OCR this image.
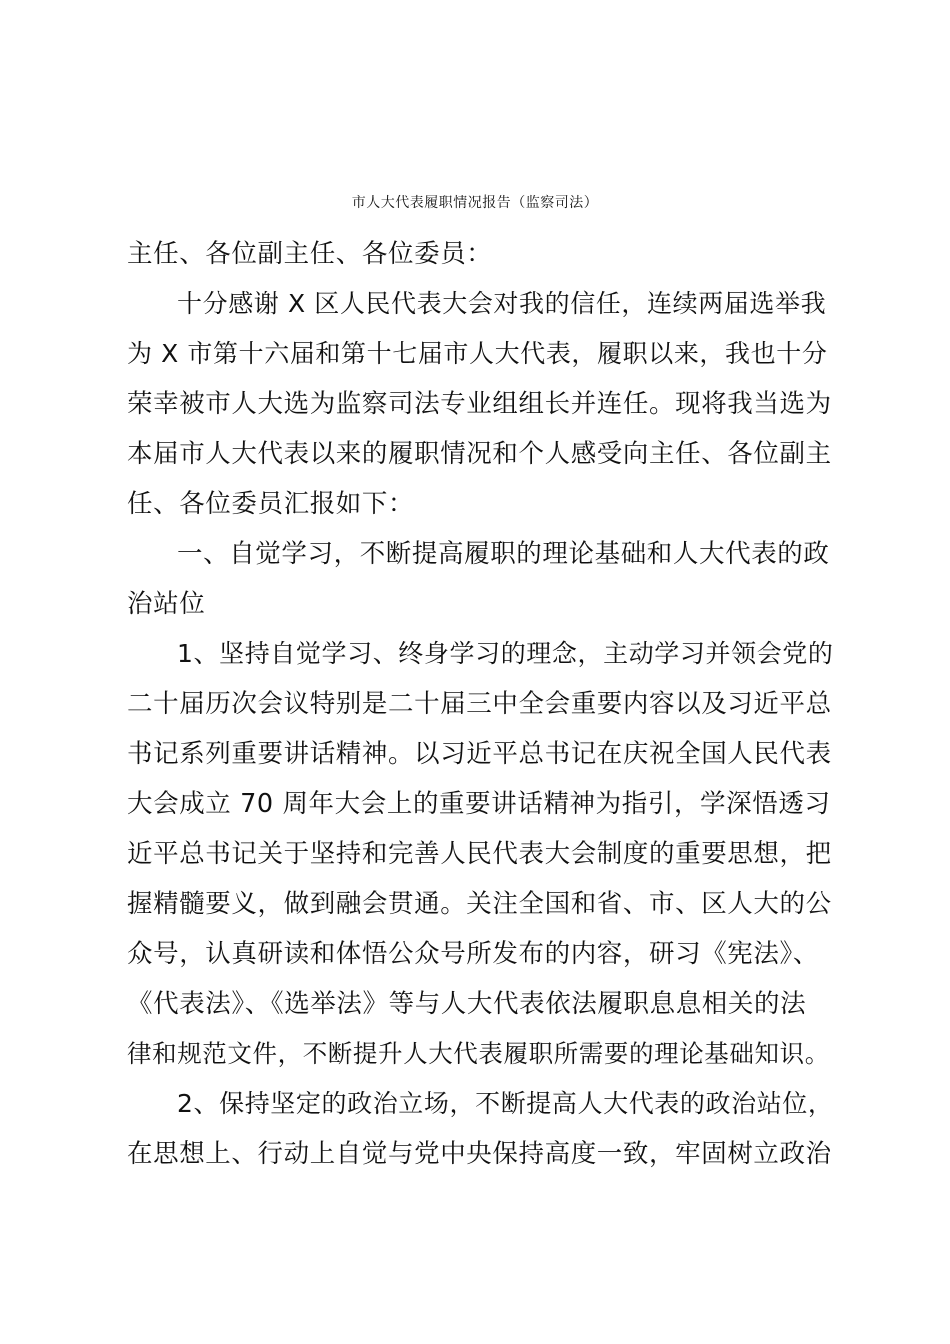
市人大代表履职情况报告（监察司法）
主任、各位副主任、各位委员：
十分感谢 X 区人民代表大会对我的信任，连续两届选举我
为 X 市第十六届和第十七届市人大代表，履职以来，我也十分
荣幸被市人大选为监察司法专业组组长并连任。现将我当选为
本届市人大代表以来的履职情况和个人感受向主任、各位副主
任、各位委员汇报如下：
一、自觉学习，不断提高履职的理论基础和人大代表的政
治站位
1、坚持自觉学习、终身学习的理念，主动学习并领会党的
二十届历次会议特别是二十届三中全会重要内容以及习近平总
书记系列重要讲话精神。以习近平总书记在庆祝全国人民代表
大会成立 70 周年大会上的重要讲话精神为指引，学深悟透习
近平总书记关于坚持和完善人民代表大会制度的重要思想，把
握精髓要义，做到融会贯通。关注全国和省、市、区人大的公
众号，认真研读和体悟公众号所发布的内容，研习《宪法》、
《代表法》、《选举法》等与人大代表依法履职息息相关的法
律和规范文件，不断提升人大代表履职所需要的理论基础知识。
2、保持坚定的政治立场，不断提高人大代表的政治站位，
在思想上、行动上自觉与党中央保持高度一致，牢固树立政治
